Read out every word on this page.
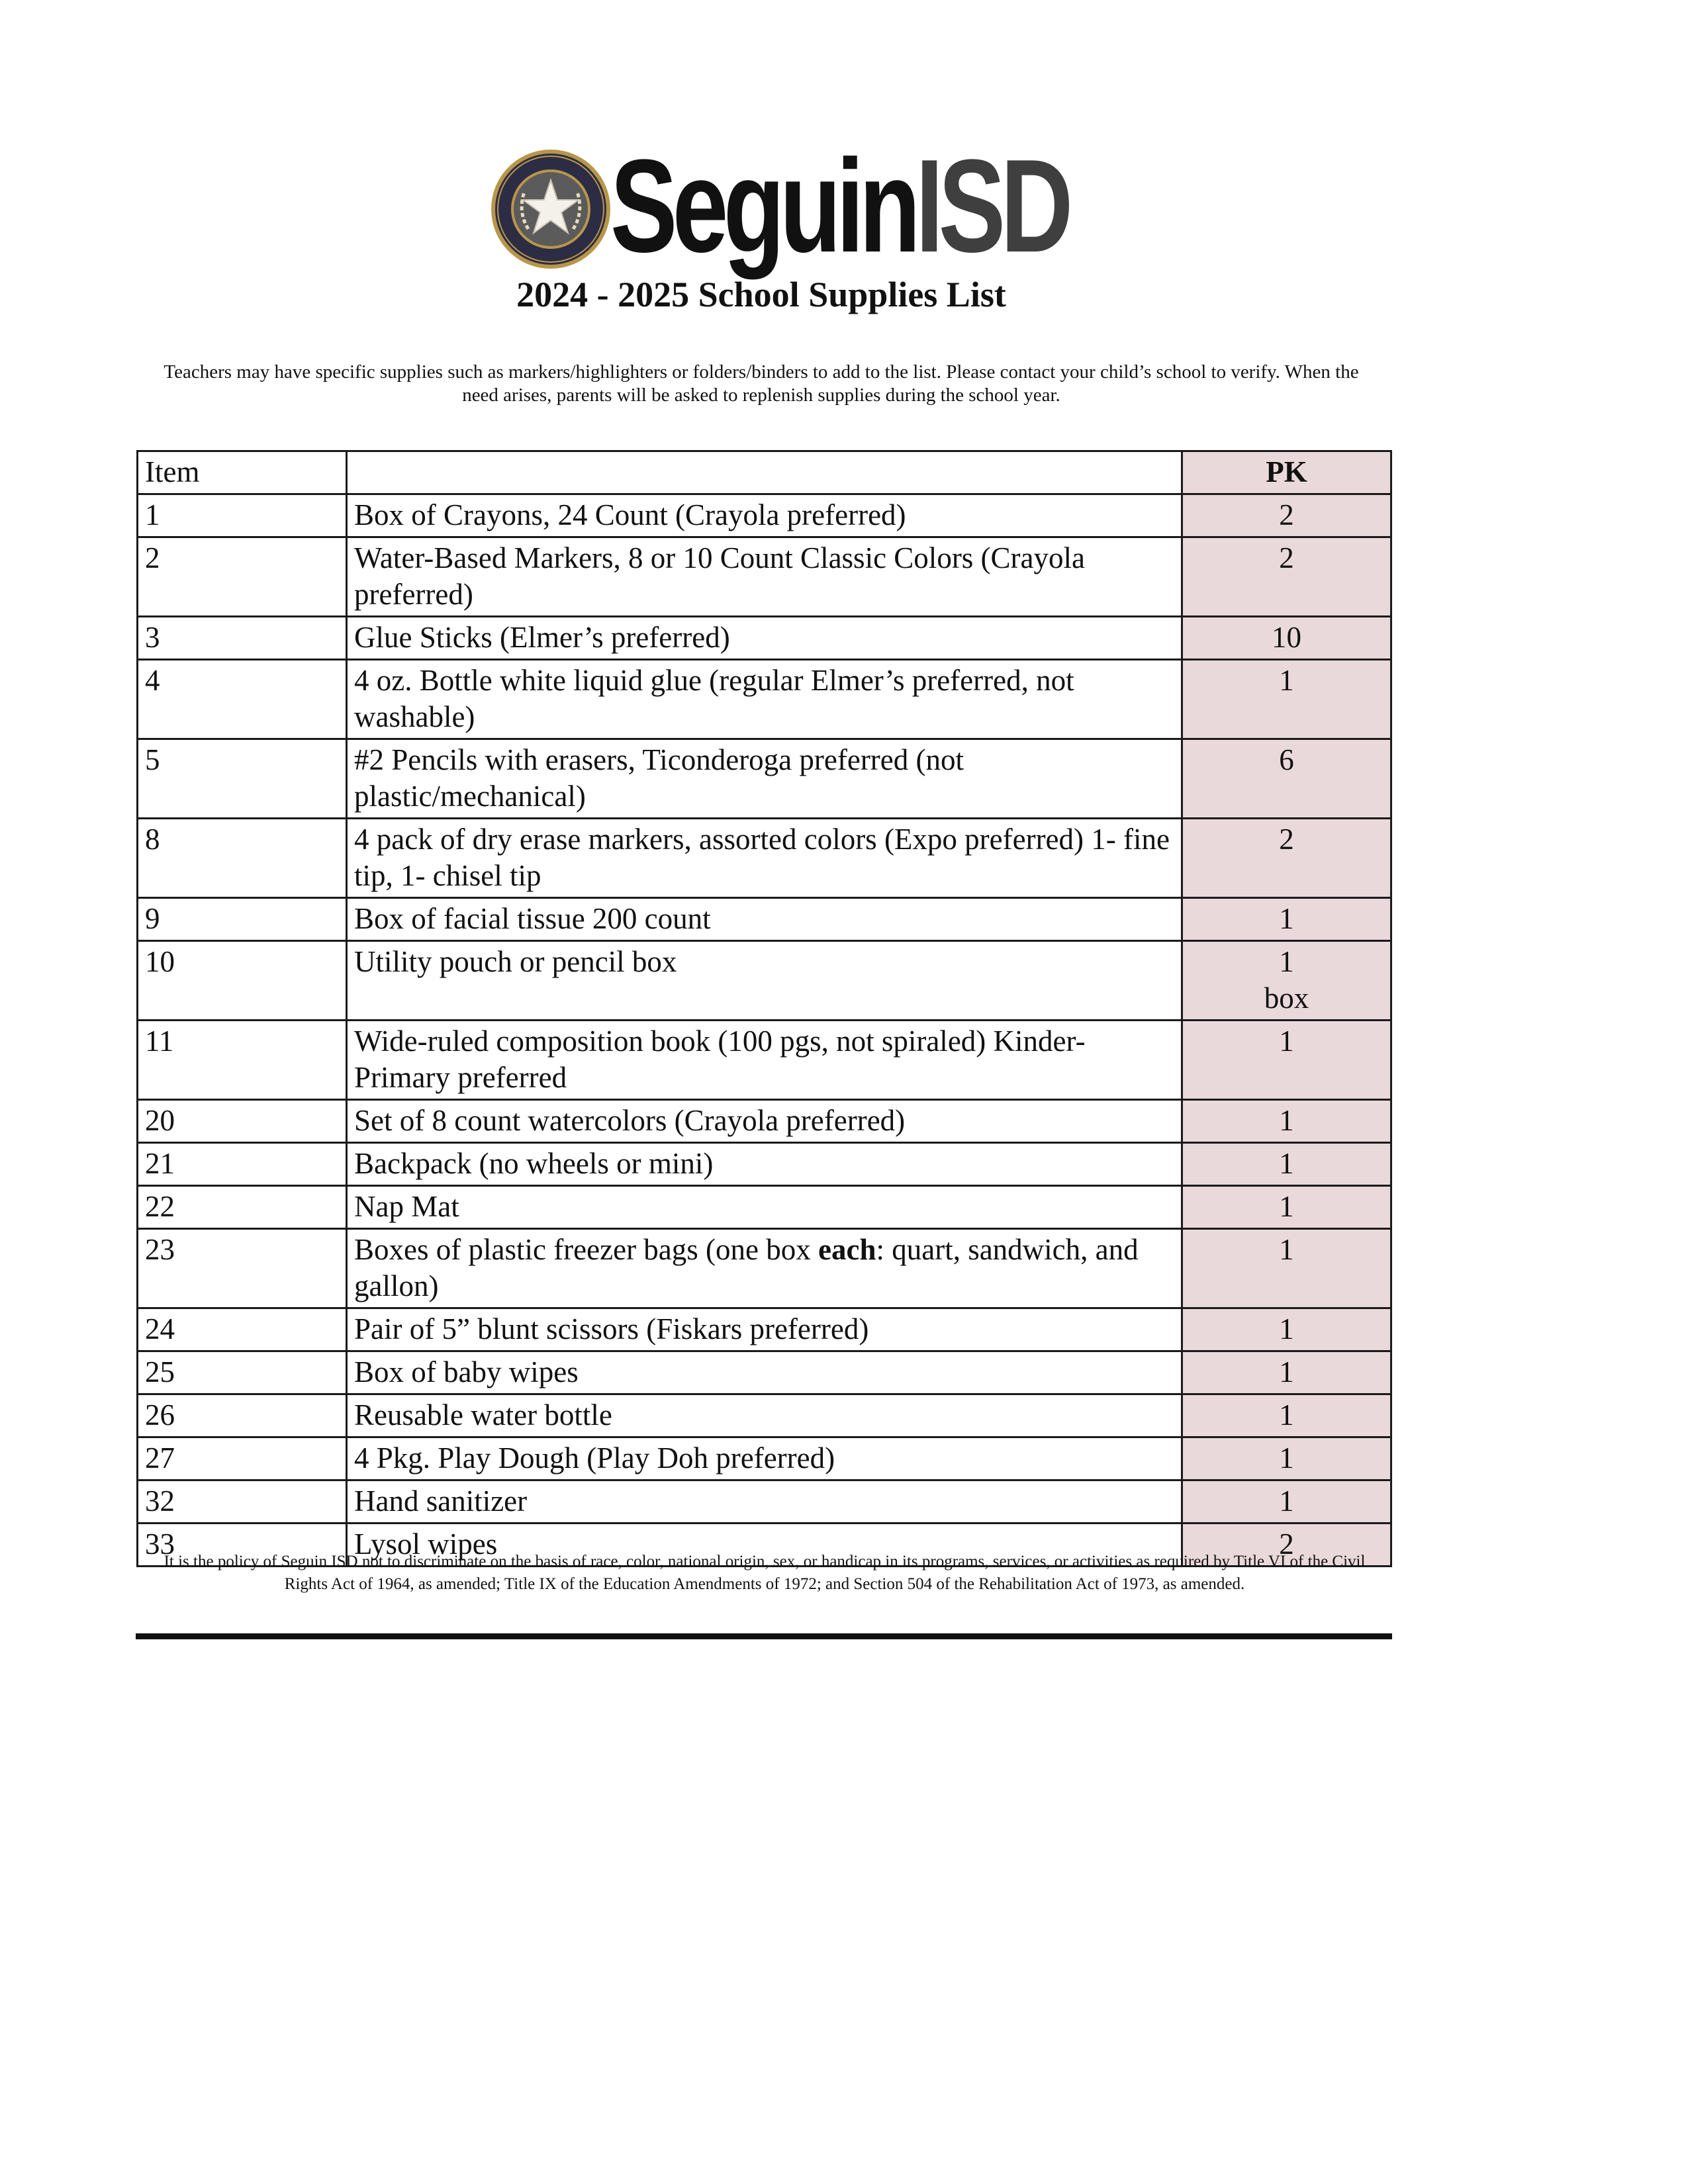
SeguinISD
2024 - 2025 School Supplies List

Teachers may have specific supplies such as markers/highlighters or folders/binders to add to the list. Please contact your child’s school to verify. When the need arises, parents will be asked to replenish supplies during the school year.

Item		PK
1	Box of Crayons, 24 Count (Crayola preferred)	2
2	Water-Based Markers, 8 or 10 Count Classic Colors (Crayola preferred)	2
3	Glue Sticks (Elmer’s preferred)	10
4	4 oz. Bottle white liquid glue (regular Elmer’s preferred, not washable)	1
5	#2 Pencils with erasers, Ticonderoga preferred (not plastic/mechanical)	6
8	4 pack of dry erase markers, assorted colors (Expo preferred) 1- fine tip, 1- chisel tip	2
9	Box of facial tissue 200 count	1
10	Utility pouch or pencil box	1
box

11	Wide-ruled composition book (100 pgs, not spiraled) Kinder-Primary preferred	1
20	Set of 8 count watercolors (Crayola preferred)	1
21	Backpack (no wheels or mini)	1
22	Nap Mat	1
23	Boxes of plastic freezer bags (one box each: quart, sandwich, and gallon)	1
24	Pair of 5” blunt scissors (Fiskars preferred)	1
25	Box of baby wipes	1
26	Reusable water bottle	1
27	4 Pkg. Play Dough (Play Doh preferred)	1
32	Hand sanitizer	1
33	Lysol wipes	2

It is the policy of Seguin ISD not to discriminate on the basis of race, color, national origin, sex, or handicap in its programs, services, or activities as required by Title VI of the Civil Rights Act of 1964, as amended; Title IX of the Education Amendments of 1972; and Section 504 of the Rehabilitation Act of 1973, as amended.
